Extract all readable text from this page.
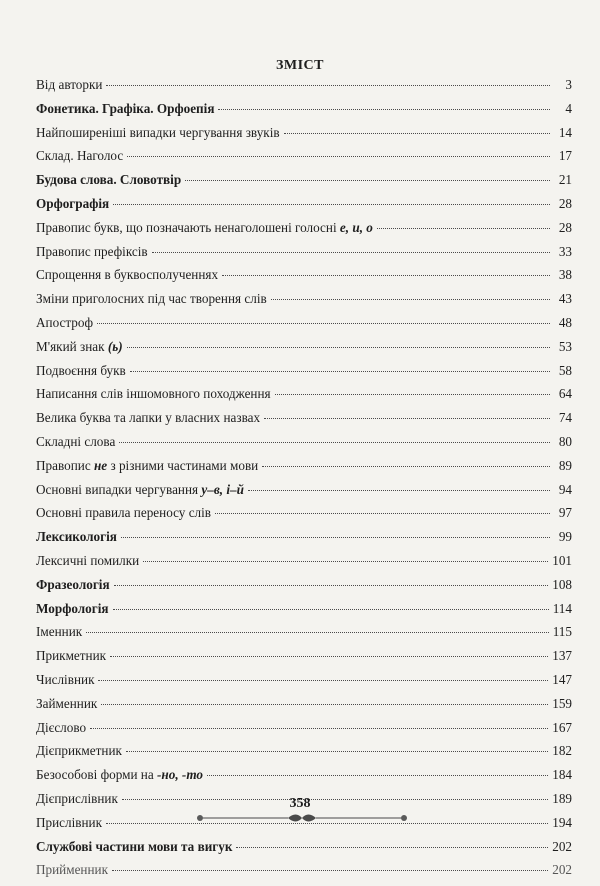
ЗМІСТ
Від авторки	3
Фонетика. Графіка. Орфоепія	4
Найпоширеніші випадки чергування звуків	14
Склад. Наголос	17
Будова слова. Словотвір	21
Орфографія	28
Правопис букв, що позначають ненаголошені голосні е, и, о	28
Правопис префіксів	33
Спрощення в буквосполученнях	38
Зміни приголосних під час творення слів	43
Апостроф	48
М'який знак (ь)	53
Подвоєння букв	58
Написання слів іншомовного походження	64
Велика буква та лапки у власних назвах	74
Складні слова	80
Правопис не з різними частинами мови	89
Основні випадки чергування у–в, і–й	94
Основні правила переносу слів	97
Лексикологія	99
Лексичні помилки	101
Фразеологія	108
Морфологія	114
Іменник	115
Прикметник	137
Числівник	147
Займенник	159
Дієслово	167
Дієприкметник	182
Безособові форми на -но, -то	184
Дієприслівник	189
Прислівник	194
Службові частини мови та вигук	202
Прийменник	202
358
